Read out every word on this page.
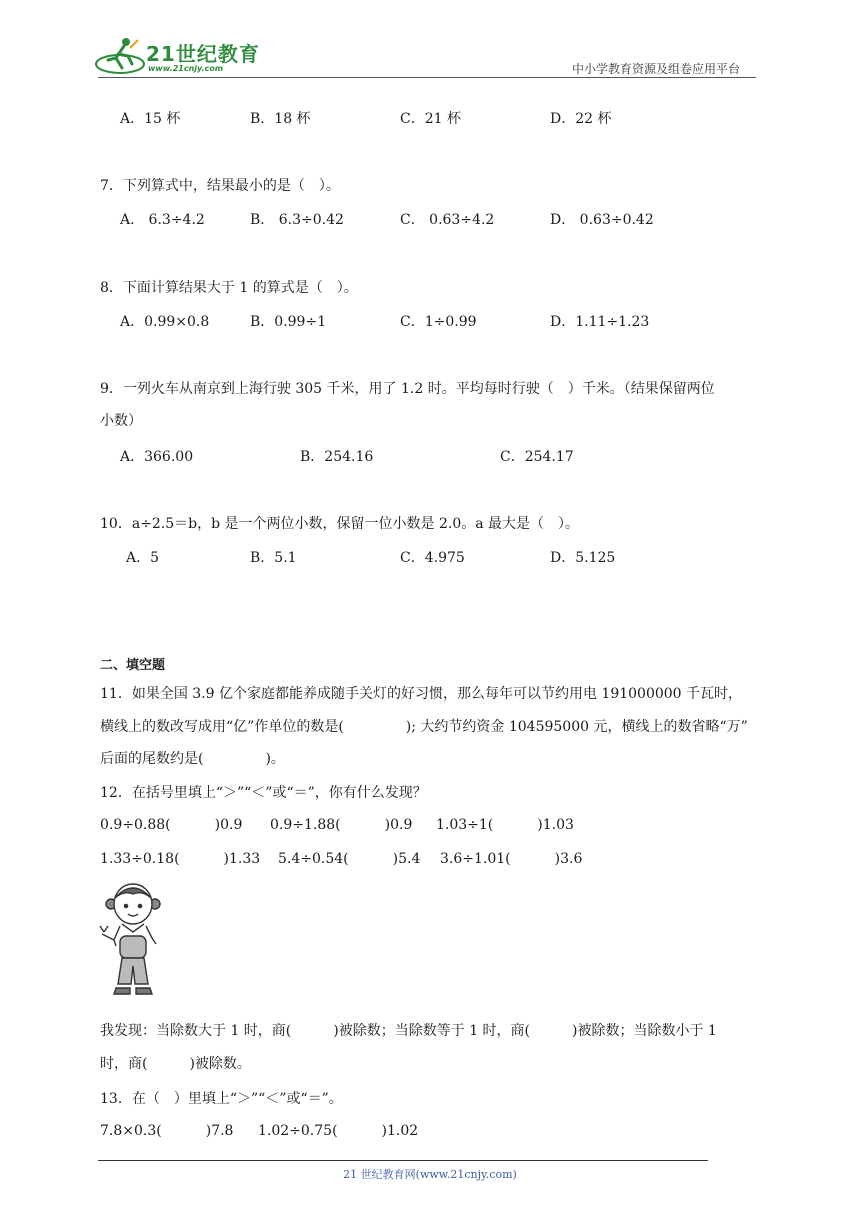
21世纪教育
www.21cnjy.com	中小学教育资源及组卷应用平台
A．15 杯	B．18 杯	C．21 杯	D．22 杯
7．下列算式中，结果最小的是（　）。
A． 6.3÷4.2	B． 6.3÷0.42	C． 0.63÷4.2	D． 0.63÷0.42
8．下面计算结果大于 1 的算式是（　）。
A．0.99×0.8	B．0.99÷1	C．1÷0.99	D．1.11÷1.23
9．一列火车从南京到上海行驶 305 千米，用了 1.2 时。平均每时行驶（　）千米。（结果保留两位
小数）
A．366.00	B．254.16	C．254.17
10．a÷2.5＝b，b 是一个两位小数，保留一位小数是 2.0。a 最大是（　）。
A．5	B．5.1	C．4.975	D．5.125
二、填空题
11．如果全国 3.9 亿个家庭都能养成随手关灯的好习惯，那么每年可以节约用电 191000000 千瓦时，
横线上的数改写成用“亿”作单位的数是(	); 大约节约资金 104595000 元，横线上的数省略“万”
后面的尾数约是(	)。
12．在括号里填上“＞”“＜”或“＝”，你有什么发现？
0.9÷0.88(	)0.9 0.9÷1.88(	)0.9 1.03÷1(	)1.03
1.33÷0.18(	)1.33 5.4÷0.54(	)5.4 3.6÷1.01(	)3.6
我发现：当除数大于 1 时，商(	)被除数；当除数等于 1 时，商(	)被除数；当除数小于 1
时，商(	)被除数。
13．在（　）里填上“＞”“＜”或“＝”。
7.8×0.3(	)7.8 1.02÷0.75(	)1.02
21 世纪教育网(www.21cnjy.com)
